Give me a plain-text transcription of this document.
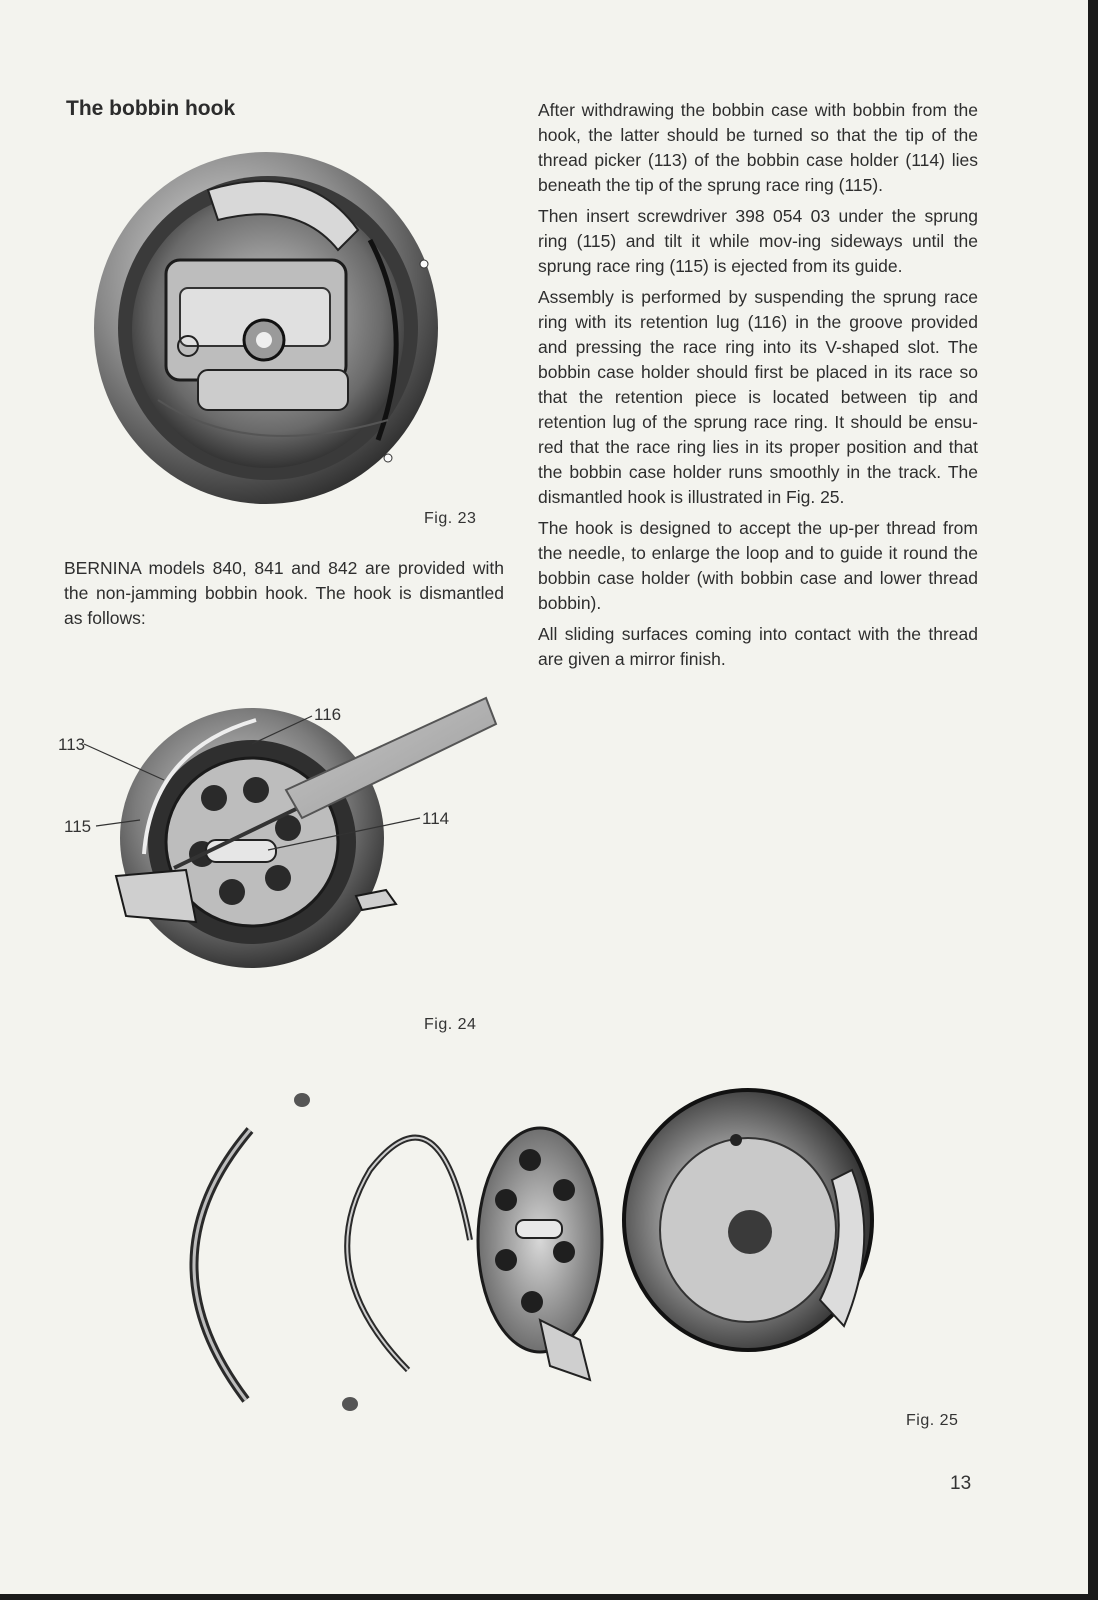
The bobbin hook
Fig. 23
BERNINA models 840, 841 and 842 are provided with the non-jamming bobbin hook. The hook is dismantled as follows:
113
115
116
114
Fig. 24
Fig. 25

After withdrawing the bobbin case with bobbin from the hook, the latter should be turned so that the tip of the thread picker (113) of the bobbin case holder (114) lies beneath the tip of the sprung race ring (115).

Then insert screwdriver 398 054 03 under the sprung ring (115) and tilt it while mov-ing sideways until the sprung race ring (115) is ejected from its guide.

Assembly is performed by suspending the sprung race ring with its retention lug (116) in the groove provided and pressing the race ring into its V-shaped slot. The bobbin case holder should first be placed in its race so that the retention piece is located between tip and retention lug of the sprung race ring. It should be ensu-red that the race ring lies in its proper position and that the bobbin case holder runs smoothly in the track. The dismantled hook is illustrated in Fig. 25.

The hook is designed to accept the up-per thread from the needle, to enlarge the loop and to guide it round the bobbin case holder (with bobbin case and lower thread bobbin).

All sliding surfaces coming into contact with the thread are given a mirror finish.

13
